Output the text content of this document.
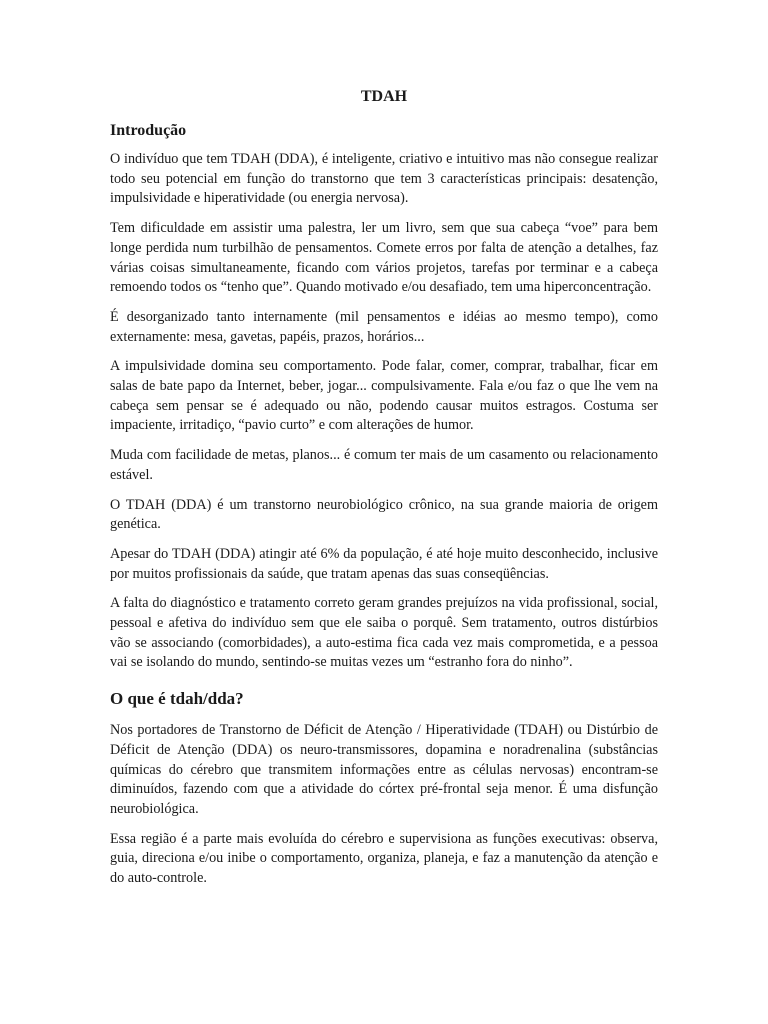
TDAH
Introdução

O indivíduo que tem TDAH (DDA), é inteligente, criativo e intuitivo mas não consegue realizar todo seu potencial em função do transtorno que tem 3 características principais: desatenção, impulsividade e hiperatividade (ou energia nervosa).

Tem dificuldade em assistir uma palestra, ler um livro, sem que sua cabeça “voe” para bem longe perdida num turbilhão de pensamentos. Comete erros por falta de atenção a detalhes, faz várias coisas simultaneamente, ficando com vários projetos, tarefas por terminar e a cabeça remoendo todos os “tenho que”. Quando motivado e/ou desafiado, tem uma hiperconcentração.

É desorganizado tanto internamente (mil pensamentos e idéias ao mesmo tempo), como externamente: mesa, gavetas, papéis, prazos, horários...

A impulsividade domina seu comportamento. Pode falar, comer, comprar, trabalhar, ficar em salas de bate papo da Internet, beber, jogar... compulsivamente. Fala e/ou faz o que lhe vem na cabeça sem pensar se é adequado ou não, podendo causar muitos estragos. Costuma ser impaciente, irritadiço, “pavio curto” e com alterações de humor.

Muda com facilidade de metas, planos... é comum ter mais de um casamento ou relacionamento estável.

O TDAH (DDA) é um transtorno neurobiológico crônico, na sua grande maioria de origem genética.

Apesar do TDAH (DDA) atingir até 6% da população, é até hoje muito desconhecido, inclusive por muitos profissionais da saúde, que tratam apenas das suas conseqüências.

A falta do diagnóstico e tratamento correto geram grandes prejuízos na vida profissional, social, pessoal e afetiva do indivíduo sem que ele saiba o porquê. Sem tratamento, outros distúrbios vão se associando (comorbidades), a auto-estima fica cada vez mais comprometida, e a pessoa vai se isolando do mundo, sentindo-se muitas vezes um “estranho fora do ninho”.

O que é tdah/dda?

Nos portadores de Transtorno de Déficit de Atenção / Hiperatividade (TDAH) ou Distúrbio de Déficit de Atenção (DDA) os neuro-transmissores, dopamina e noradrenalina (substâncias químicas do cérebro que transmitem informações entre as células nervosas) encontram-se diminuídos, fazendo com que a atividade do córtex pré-frontal seja menor. É uma disfunção neurobiológica.

Essa região é a parte mais evoluída do cérebro e supervisiona as funções executivas: observa, guia, direciona e/ou inibe o comportamento, organiza, planeja, e faz a manutenção da atenção e do auto-controle.
